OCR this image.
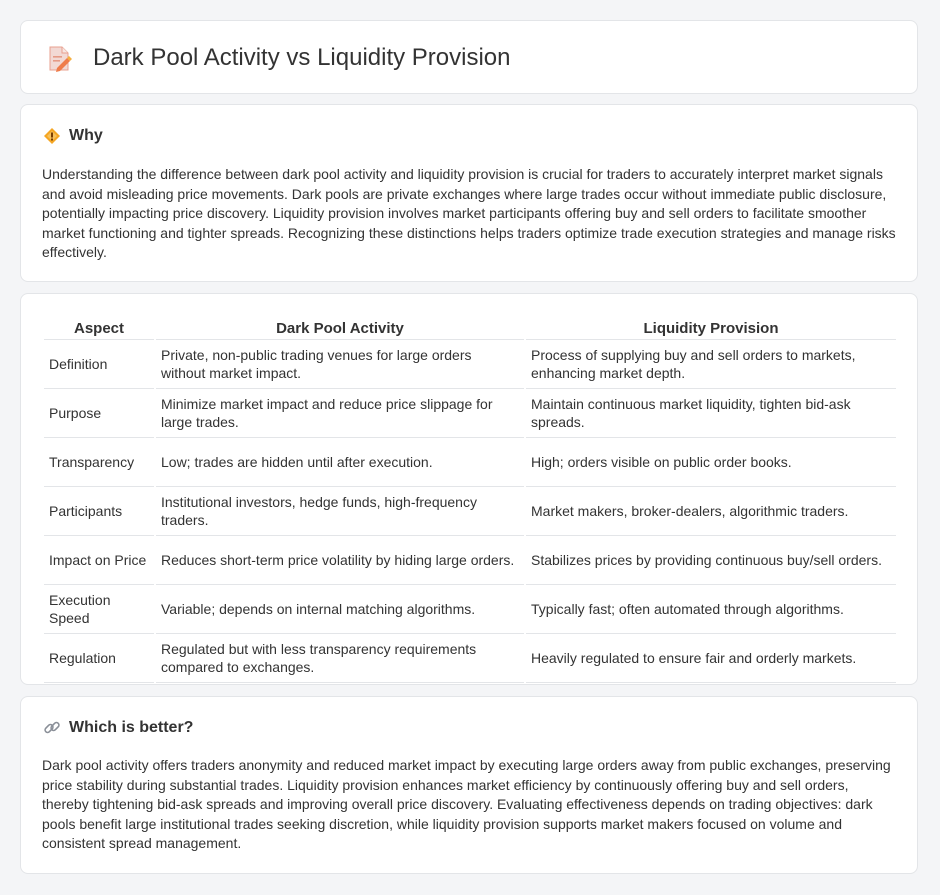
Dark Pool Activity vs Liquidity Provision
Why

Understanding the difference between dark pool activity and liquidity provision is crucial for traders to accurately interpret market signals and avoid misleading price movements. Dark pools are private exchanges where large trades occur without immediate public disclosure, potentially impacting price discovery. Liquidity provision involves market participants offering buy and sell orders to facilitate smoother market functioning and tighter spreads. Recognizing these distinctions helps traders optimize trade execution strategies and manage risks effectively.

Aspect	Dark Pool Activity	Liquidity Provision
Definition	Private, non-public trading venues for large orders without market impact.	Process of supplying buy and sell orders to markets, enhancing market depth.
Purpose	Minimize market impact and reduce price slippage for large trades.	Maintain continuous market liquidity, tighten bid-ask spreads.
Transparency	Low; trades are hidden until after execution.	High; orders visible on public order books.
Participants	Institutional investors, hedge funds, high-frequency traders.	Market makers, broker-dealers, algorithmic traders.
Impact on Price	Reduces short-term price volatility by hiding large orders.	Stabilizes prices by providing continuous buy/sell orders.
Execution Speed	Variable; depends on internal matching algorithms.	Typically fast; often automated through algorithms.
Regulation	Regulated but with less transparency requirements compared to exchanges.	Heavily regulated to ensure fair and orderly markets.
Which is better?

Dark pool activity offers traders anonymity and reduced market impact by executing large orders away from public exchanges, preserving price stability during substantial trades. Liquidity provision enhances market efficiency by continuously offering buy and sell orders, thereby tightening bid-ask spreads and improving overall price discovery. Evaluating effectiveness depends on trading objectives: dark pools benefit large institutional trades seeking discretion, while liquidity provision supports market makers focused on volume and consistent spread management.
